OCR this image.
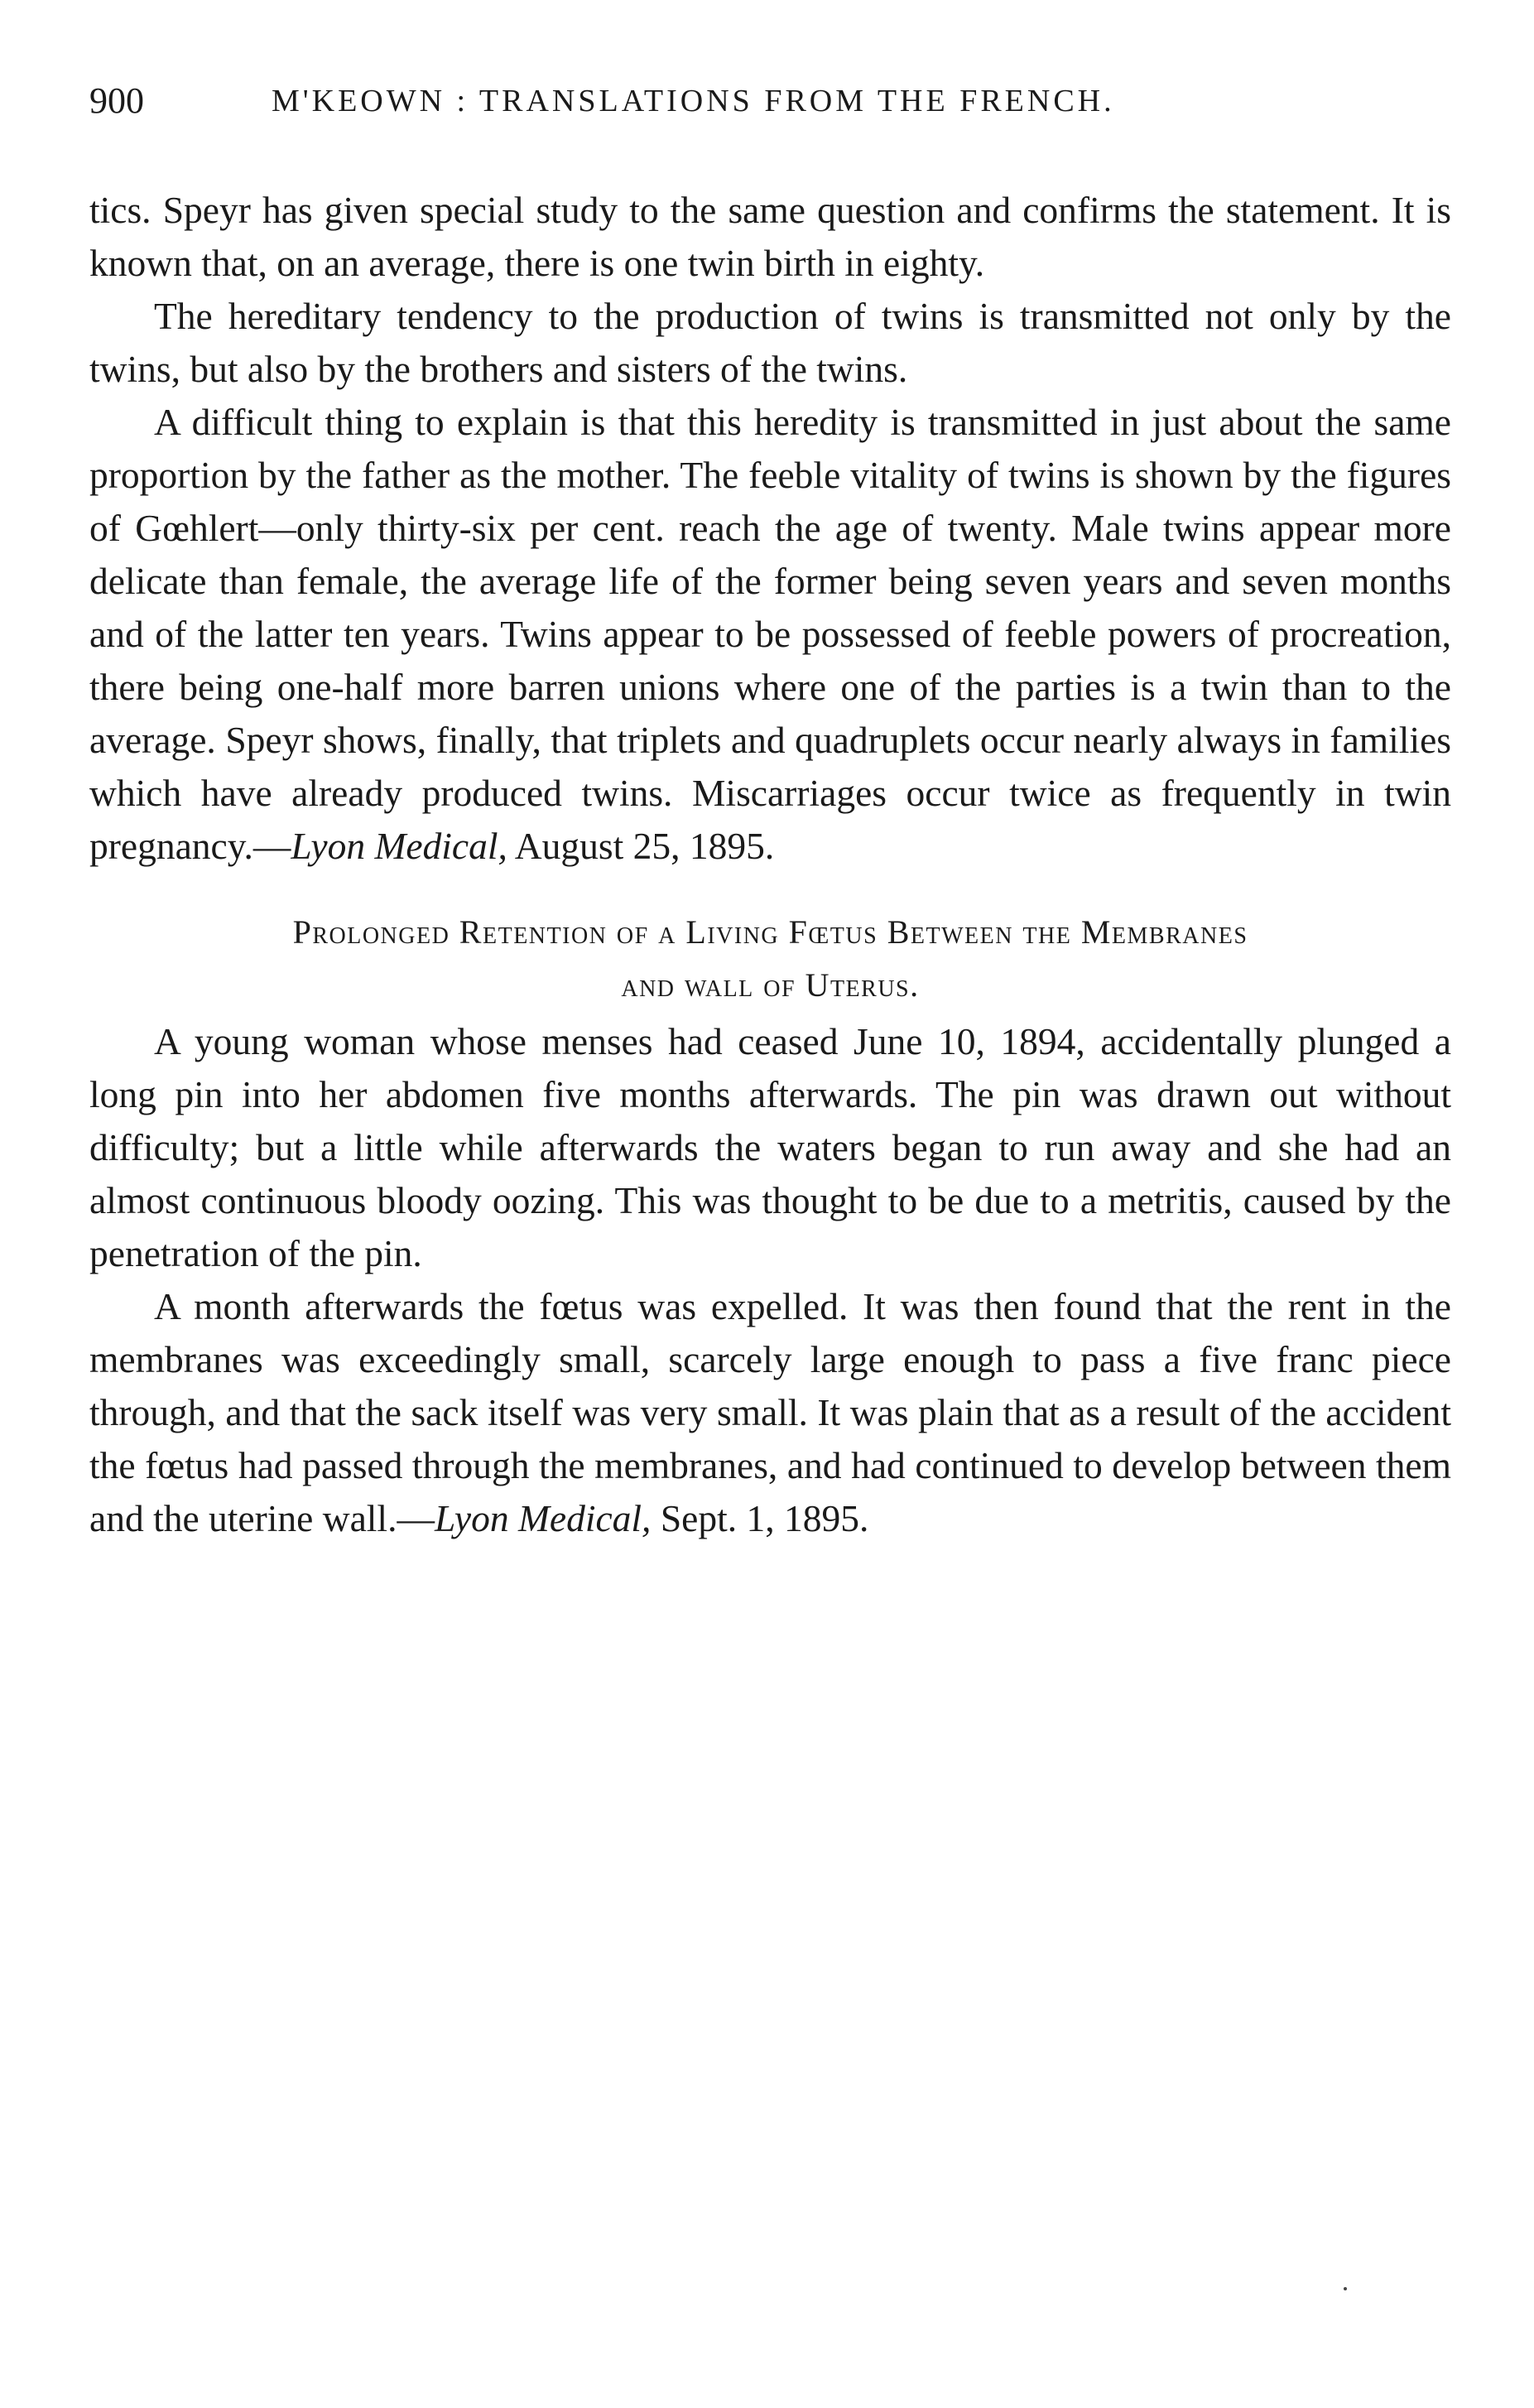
900	M'KEOWN : TRANSLATIONS FROM THE FRENCH.

tics. Speyr has given special study to the same question and confirms the statement. It is known that, on an average, there is one twin birth in eighty.

The hereditary tendency to the production of twins is transmitted not only by the twins, but also by the brothers and sisters of the twins.

A difficult thing to explain is that this heredity is transmitted in just about the same proportion by the father as the mother. The feeble vitality of twins is shown by the figures of Gœhlert—only thirty-six per cent. reach the age of twenty. Male twins appear more delicate than female, the average life of the former being seven years and seven months and of the latter ten years. Twins appear to be possessed of feeble powers of procreation, there being one-half more barren unions where one of the parties is a twin than to the average. Speyr shows, finally, that triplets and quadruplets occur nearly always in families which have already produced twins. Miscarriages occur twice as frequently in twin pregnancy.—Lyon Medical, August 25, 1895.

Prolonged Retention of a Living Fœtus Between the Membranes
and wall of Uterus.

A young woman whose menses had ceased June 10, 1894, accidentally plunged a long pin into her abdomen five months afterwards. The pin was drawn out without difficulty; but a little while afterwards the waters began to run away and she had an almost continuous bloody oozing. This was thought to be due to a metritis, caused by the penetration of the pin.

A month afterwards the fœtus was expelled. It was then found that the rent in the membranes was exceedingly small, scarcely large enough to pass a five franc piece through, and that the sack itself was very small. It was plain that as a result of the accident the fœtus had passed through the membranes, and had continued to develop between them and the uterine wall.—Lyon Medical, Sept. 1, 1895.
